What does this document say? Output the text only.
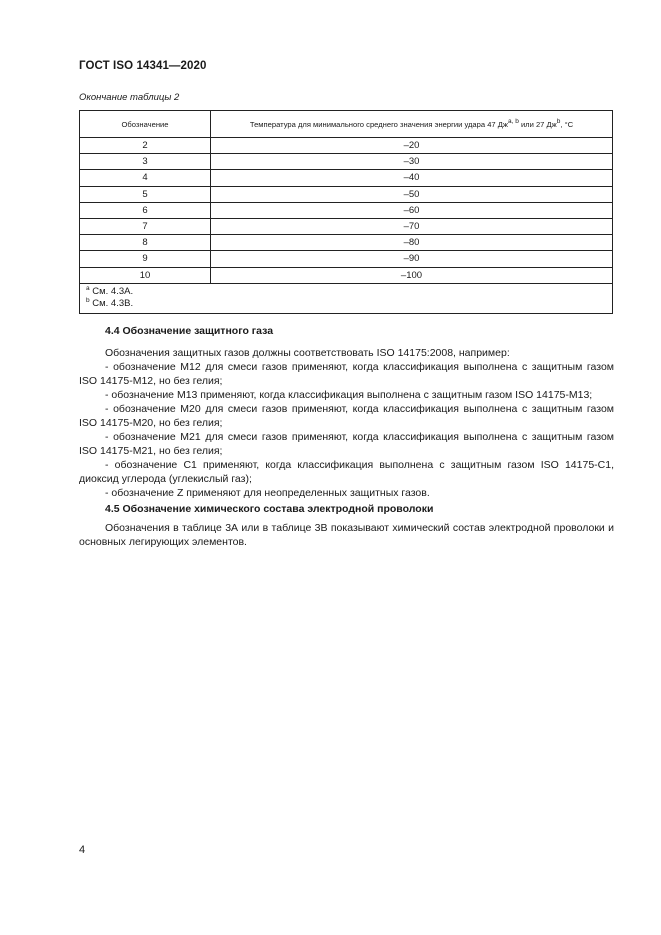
ГОСТ ISO 14341—2020
Окончание таблицы 2
Обозначение	Температура для минимального среднего значения энергии удара 47 Дж$^{a, b}$ или 27 $Дж^b$, °C
2	–20
3	–30
4	–40
5	–50
6	–60
7	–70
8	–80
9	–90
10	–100

$^a$ См. 4.3А.
$^b$ См. 4.3В.	
4.4 Обозначение защитного газа

Обозначения защитных газов должны соответствовать ISO 14175:2008, например:

- обозначение М12 для смеси газов применяют, когда классификация выполнена с защитным газом ISO 14175-M12, но без гелия;

- обозначение М13 применяют, когда классификация выполнена с защитным газом ISO 14175-M13;

- обозначение М20 для смеси газов применяют, когда классификация выполнена с защитным газом ISO 14175-M20, но без гелия;

- обозначение М21 для смеси газов применяют, когда классификация выполнена с защитным газом ISO 14175-M21, но без гелия;

- обозначение С1 применяют, когда классификация выполнена с защитным газом ISO 14175-C1, диоксид углерода (углекислый газ);

- обозначение Z применяют для неопределенных защитных газов.

4.5 Обозначение химического состава электродной проволоки

Обозначения в таблице 3А или в таблице 3В показывают химический состав электродной проволоки и основных легирующих элементов.

4
